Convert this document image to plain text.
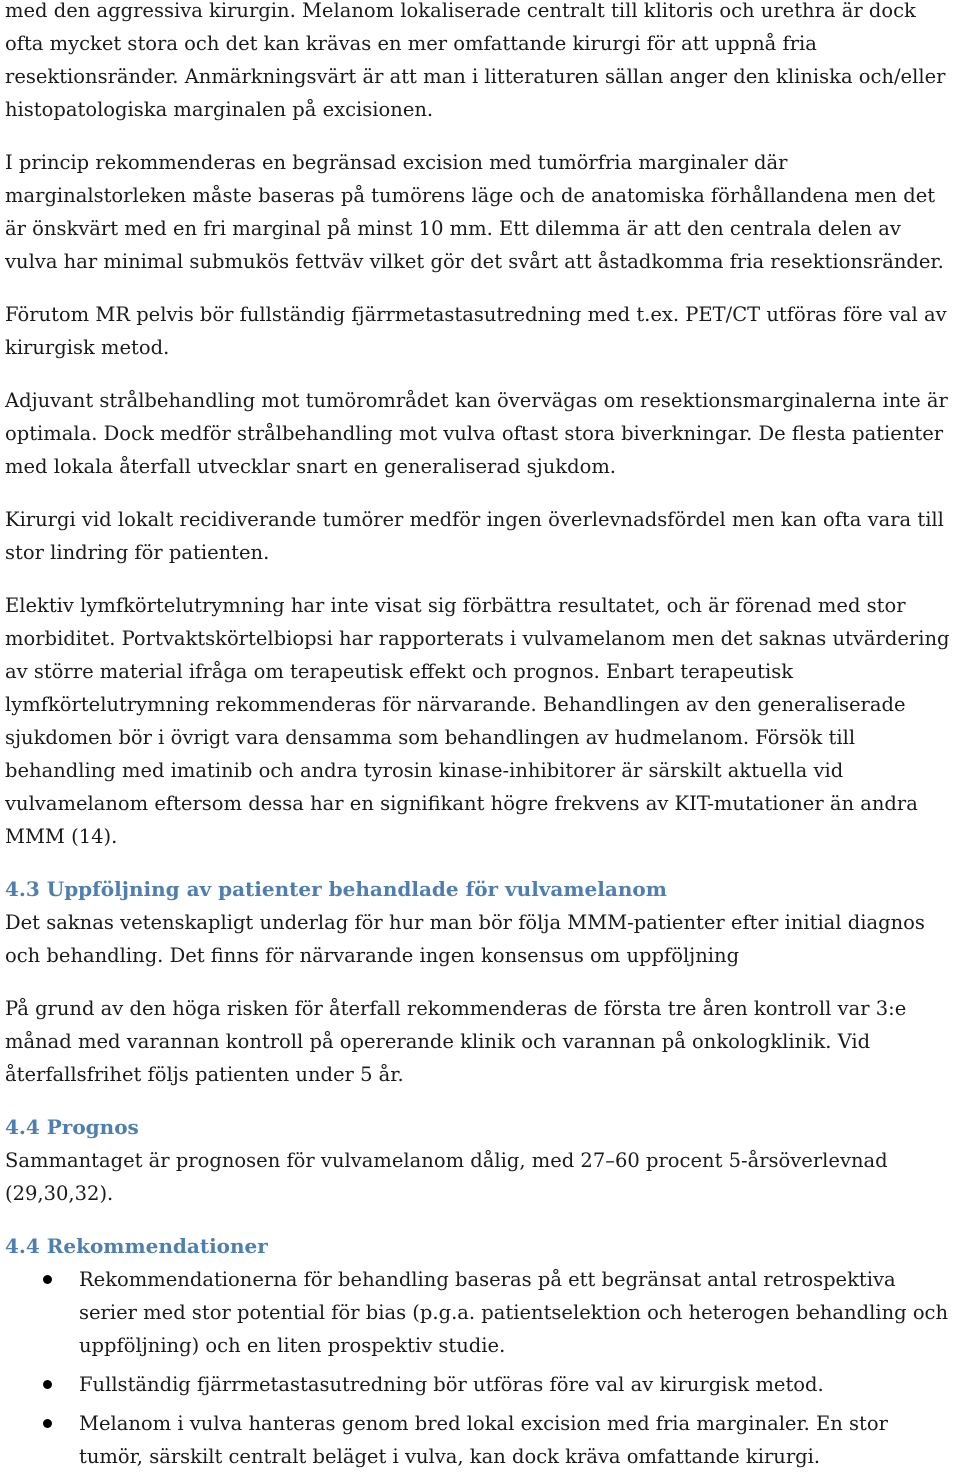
med den aggressiva kirurgin. Melanom lokaliserade centralt till klitoris och urethra är dock ofta mycket stora och det kan krävas en mer omfattande kirurgi för att uppnå fria resektionsränder. Anmärkningsvärt är att man i litteraturen sällan anger den kliniska och/eller histopatologiska marginalen på excisionen.

I princip rekommenderas en begränsad excision med tumörfria marginaler där marginalstorleken måste baseras på tumörens läge och de anatomiska förhållandena men det är önskvärt med en fri marginal på minst 10 mm. Ett dilemma är att den centrala delen av vulva har minimal submukös fettväv vilket gör det svårt att åstadkomma fria resektionsränder.

Förutom MR pelvis bör fullständig fjärrmetastasutredning med t.ex. PET/CT utföras före val av kirurgisk metod.

Adjuvant strålbehandling mot tumörområdet kan övervägas om resektionsmarginalerna inte är optimala. Dock medför strålbehandling mot vulva oftast stora biverkningar. De flesta patienter med lokala återfall utvecklar snart en generaliserad sjukdom.

Kirurgi vid lokalt recidiverande tumörer medför ingen överlevnadsfördel men kan ofta vara till stor lindring för patienten.

Elektiv lymfkörtelutrymning har inte visat sig förbättra resultatet, och är förenad med stor morbiditet. Portvaktskörtelbiopsi har rapporterats i vulvamelanom men det saknas utvärdering av större material ifråga om terapeutisk effekt och prognos. Enbart terapeutisk lymfkörtelutrymning rekommenderas för närvarande. Behandlingen av den generaliserade sjukdomen bör i övrigt vara densamma som behandlingen av hudmelanom. Försök till behandling med imatinib och andra tyrosin kinase-inhibitorer är särskilt aktuella vid vulvamelanom eftersom dessa har en signifikant högre frekvens av KIT-mutationer än andra MMM (14).

4.3 Uppföljning av patienter behandlade för vulvamelanom

Det saknas vetenskapligt underlag för hur man bör följa MMM-patienter efter initial diagnos och behandling. Det finns för närvarande ingen konsensus om uppföljning

På grund av den höga risken för återfall rekommenderas de första tre åren kontroll var 3:e månad med varannan kontroll på opererande klinik och varannan på onkologklinik. Vid återfallsfrihet följs patienten under 5 år.

4.4 Prognos

Sammantaget är prognosen för vulvamelanom dålig, med 27–60 procent 5-årsöverlevnad (29,30,32).

4.4 Rekommendationer
Rekommendationerna för behandling baseras på ett begränsat antal retrospektiva serier med stor potential för bias (p.g.a. patientselektion och heterogen behandling och uppföljning) och en liten prospektiv studie.
Fullständig fjärrmetastasutredning bör utföras före val av kirurgisk metod.
Melanom i vulva hanteras genom bred lokal excision med fria marginaler. En stor tumör, särskilt centralt beläget i vulva, kan dock kräva omfattande kirurgi.
